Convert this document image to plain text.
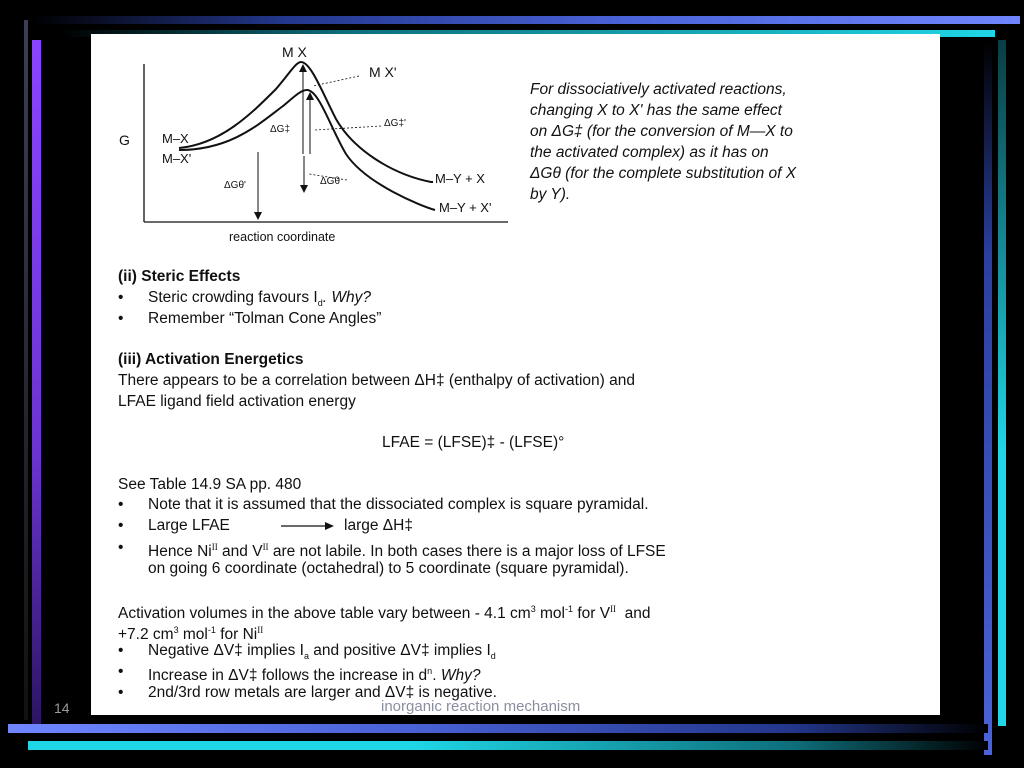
M X
M X'
G M–X
M–X'
ΔG‡
ΔG‡'
ΔGθ
ΔGθ'	M–Y + X
M–Y + X'
reaction coordinate
For dissociatively activated reactions,
changing X to X' has the same effect
on ΔG‡ (for the conversion of M—X to
the activated complex) as it has on
ΔGθ (for the complete substitution of X
by Y).
(ii) Steric Effects
• Steric crowding favours $I_d$. Why?
• Remember “Tolman Cone Angles”
(iii) Activation Energetics
There appears to be a correlation between ΔH‡ (enthalpy of activation) and
LFAE ligand field activation energy
LFAE = (LFSE)‡ - (LFSE)°
See Table 14.9 SA pp. 480
• Note that it is assumed that the dissociated complex is square pyramidal.
• Large LFAE	large ΔH‡
• Hence $Ni^{II}$ and $V^{II}$ are not labile. In both cases there is a major loss of LFSE
on going 6 coordinate (octahedral) to 5 coordinate (square pyramidal).
Activation volumes in the above table vary between - 4.1 $cm^3$ mol$^{-1}$ for $V^{II}$  and
+7.2 $cm^3$ mol$^{-1}$ for $Ni^{II}$
• Negative ΔV‡ implies $I_a$ and positive ΔV‡ implies $I_d$
• Increase in ΔV‡ follows the increase in $d^n$. Why?
• 2nd/3rd row metals are larger and ΔV‡ is negative.
14	inorganic reaction mechanism
